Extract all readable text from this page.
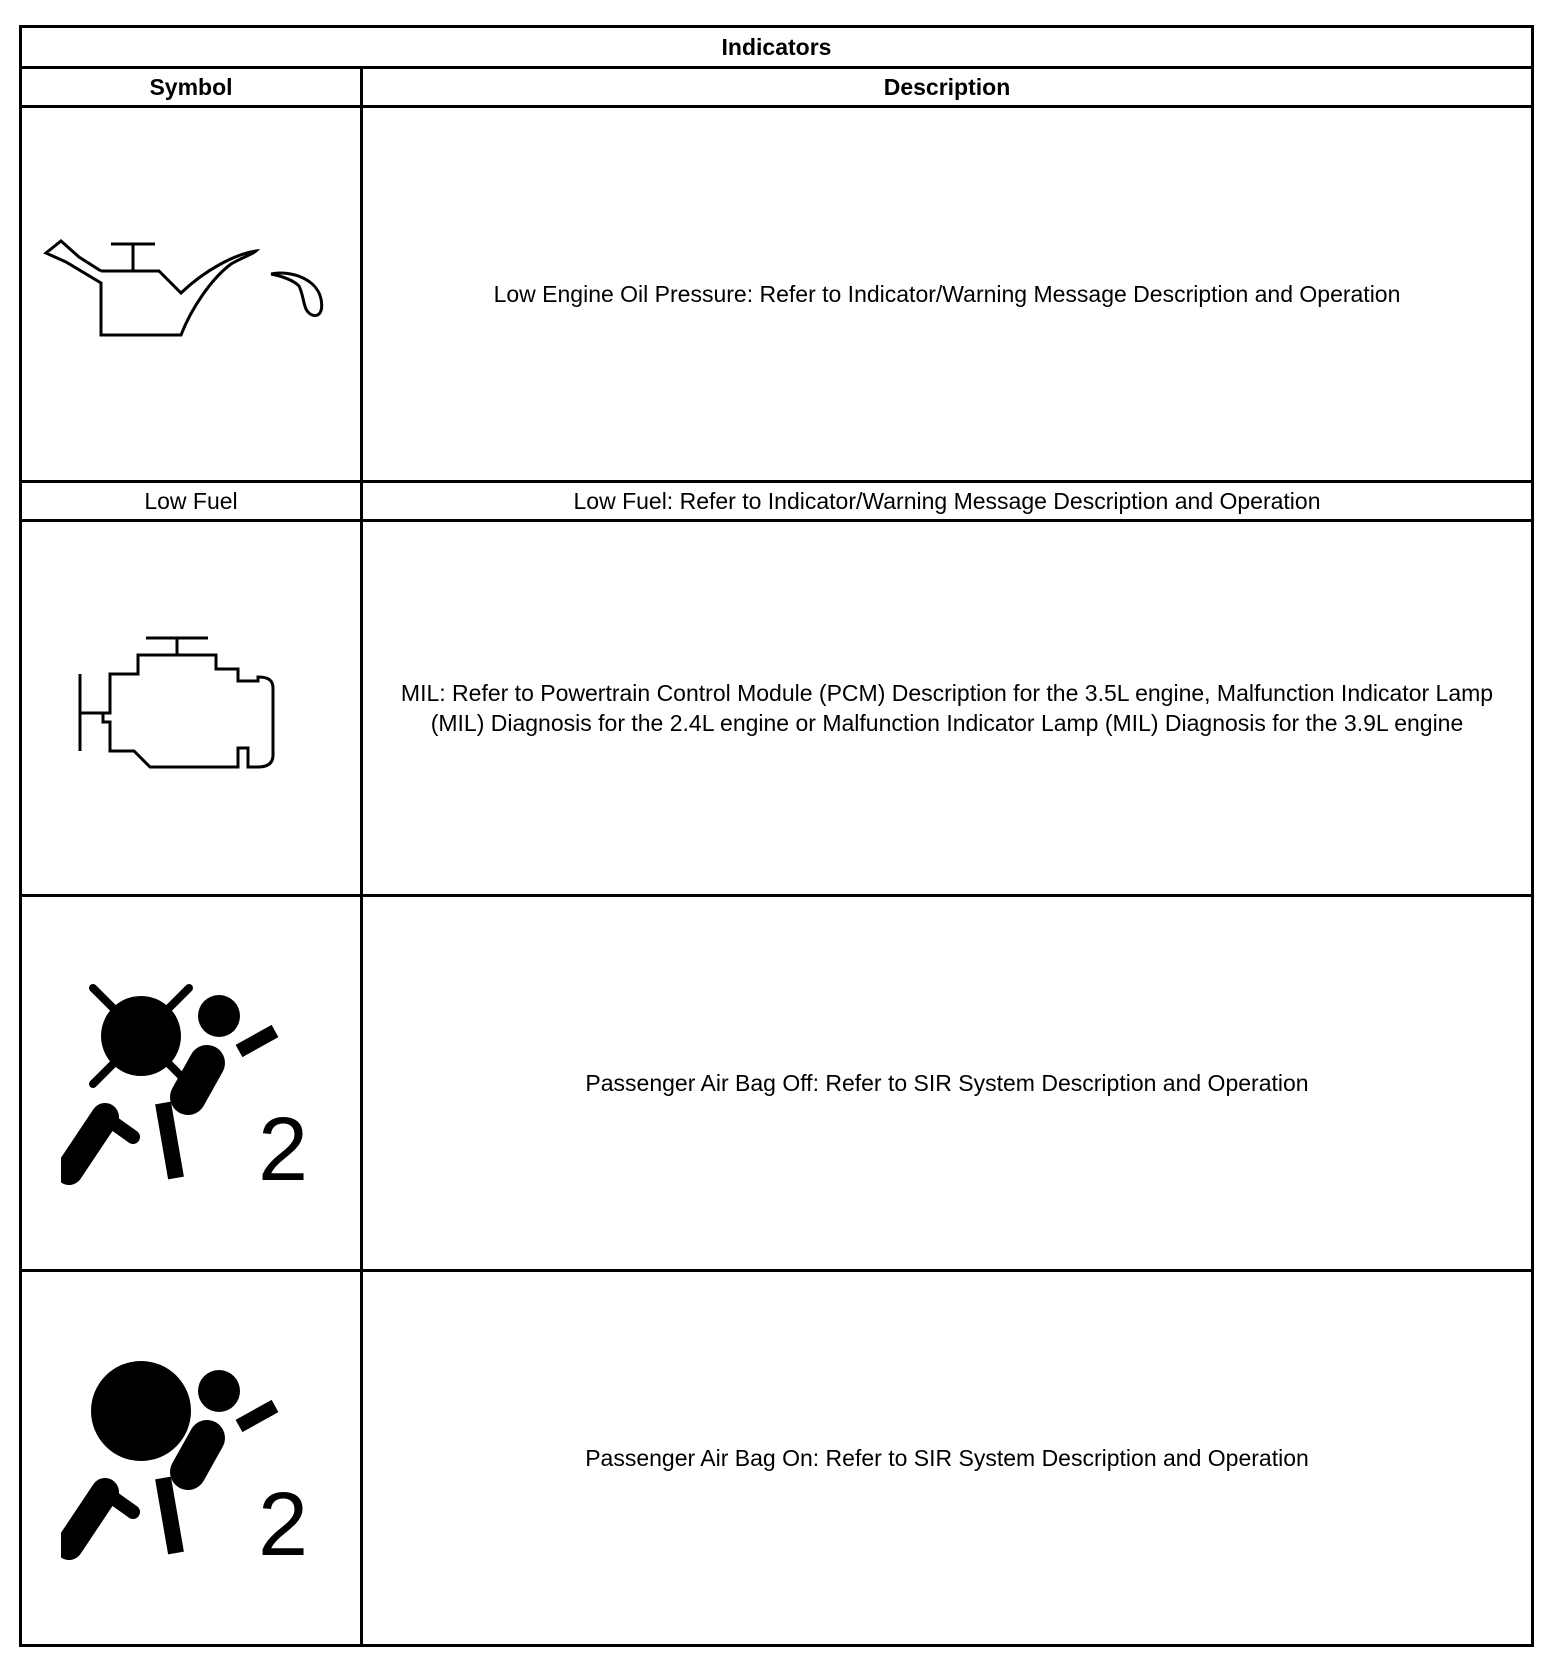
Indicators	
Symbol	Description

	Low Engine Oil Pressure: Refer to Indicator/Warning Message Description and Operation
Low Fuel	Low Fuel: Refer to Indicator/Warning Message Description and Operation

	MIL: Refer to Powertrain Control Module (PCM) Description for the 3.5L engine, Malfunction Indicator Lamp (MIL) Diagnosis for the 2.4L engine or Malfunction Indicator Lamp (MIL) Diagnosis for the 3.9L engine

2	Passenger Air Bag Off: Refer to SIR System Description and Operation

2	Passenger Air Bag On: Refer to SIR System Description and Operation
